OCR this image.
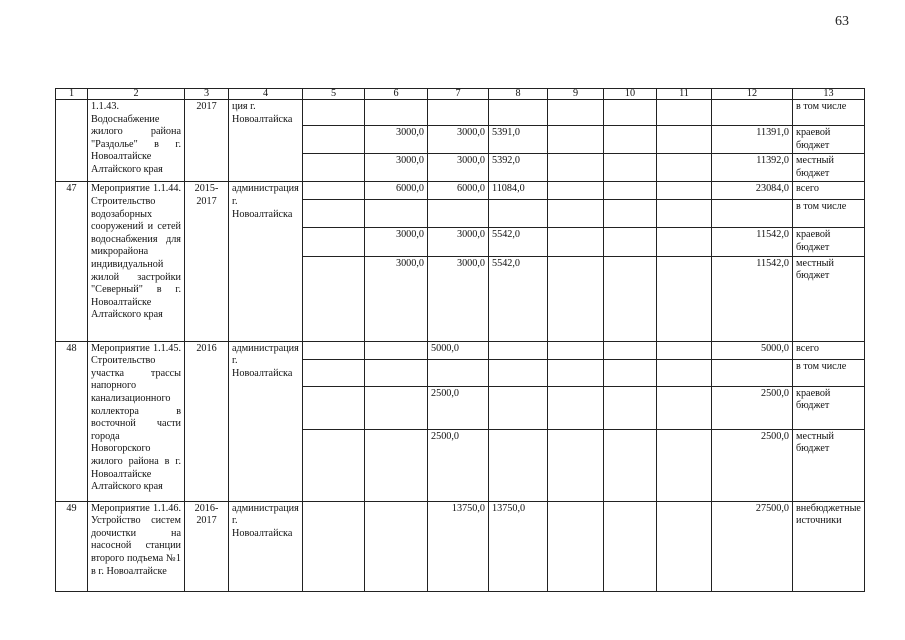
63
1	2	3	4	5	6	7	8	9	10	11	12	13
	1.1.43. Водоснабжение жилого района "Раздолье" в г. Новоалтайске Алтайского края	2017	ция г. Новоалтайска									в том числе
					3000,0	3000,0	5391,0				11391,0	краевой бюджет
					3000,0	3000,0	5392,0				11392,0	местный бюджет
47	Мероприятие 1.1.44. Строительство водозаборных сооружений и сетей водоснабжения для микрорайона индивидуальной жилой застройки "Северный" в г. Новоалтайске Алтайского края	2015-2017	администрация г. Новоалтайска		6000,0	6000,0	11084,0				23084,0	всего
												в том числе
					3000,0	3000,0	5542,0				11542,0	краевой бюджет
					3000,0	3000,0	5542,0				11542,0	местный бюджет
48	Мероприятие 1.1.45. Строительство участка трассы напорного канализационного коллектора в восточной части города Новогорского жилого района в г. Новоалтайске Алтайского края	2016	администрация г. Новоалтайска			5000,0					5000,0	всего
												в том числе
						2500,0					2500,0	краевой бюджет
						2500,0					2500,0	местный бюджет
49	Мероприятие 1.1.46. Устройство систем доочистки на насосной станции второго подъема №1 в г. Новоалтайске	2016-2017	администрация г. Новоалтайска			13750,0	13750,0				27500,0	внебюджетные источники
